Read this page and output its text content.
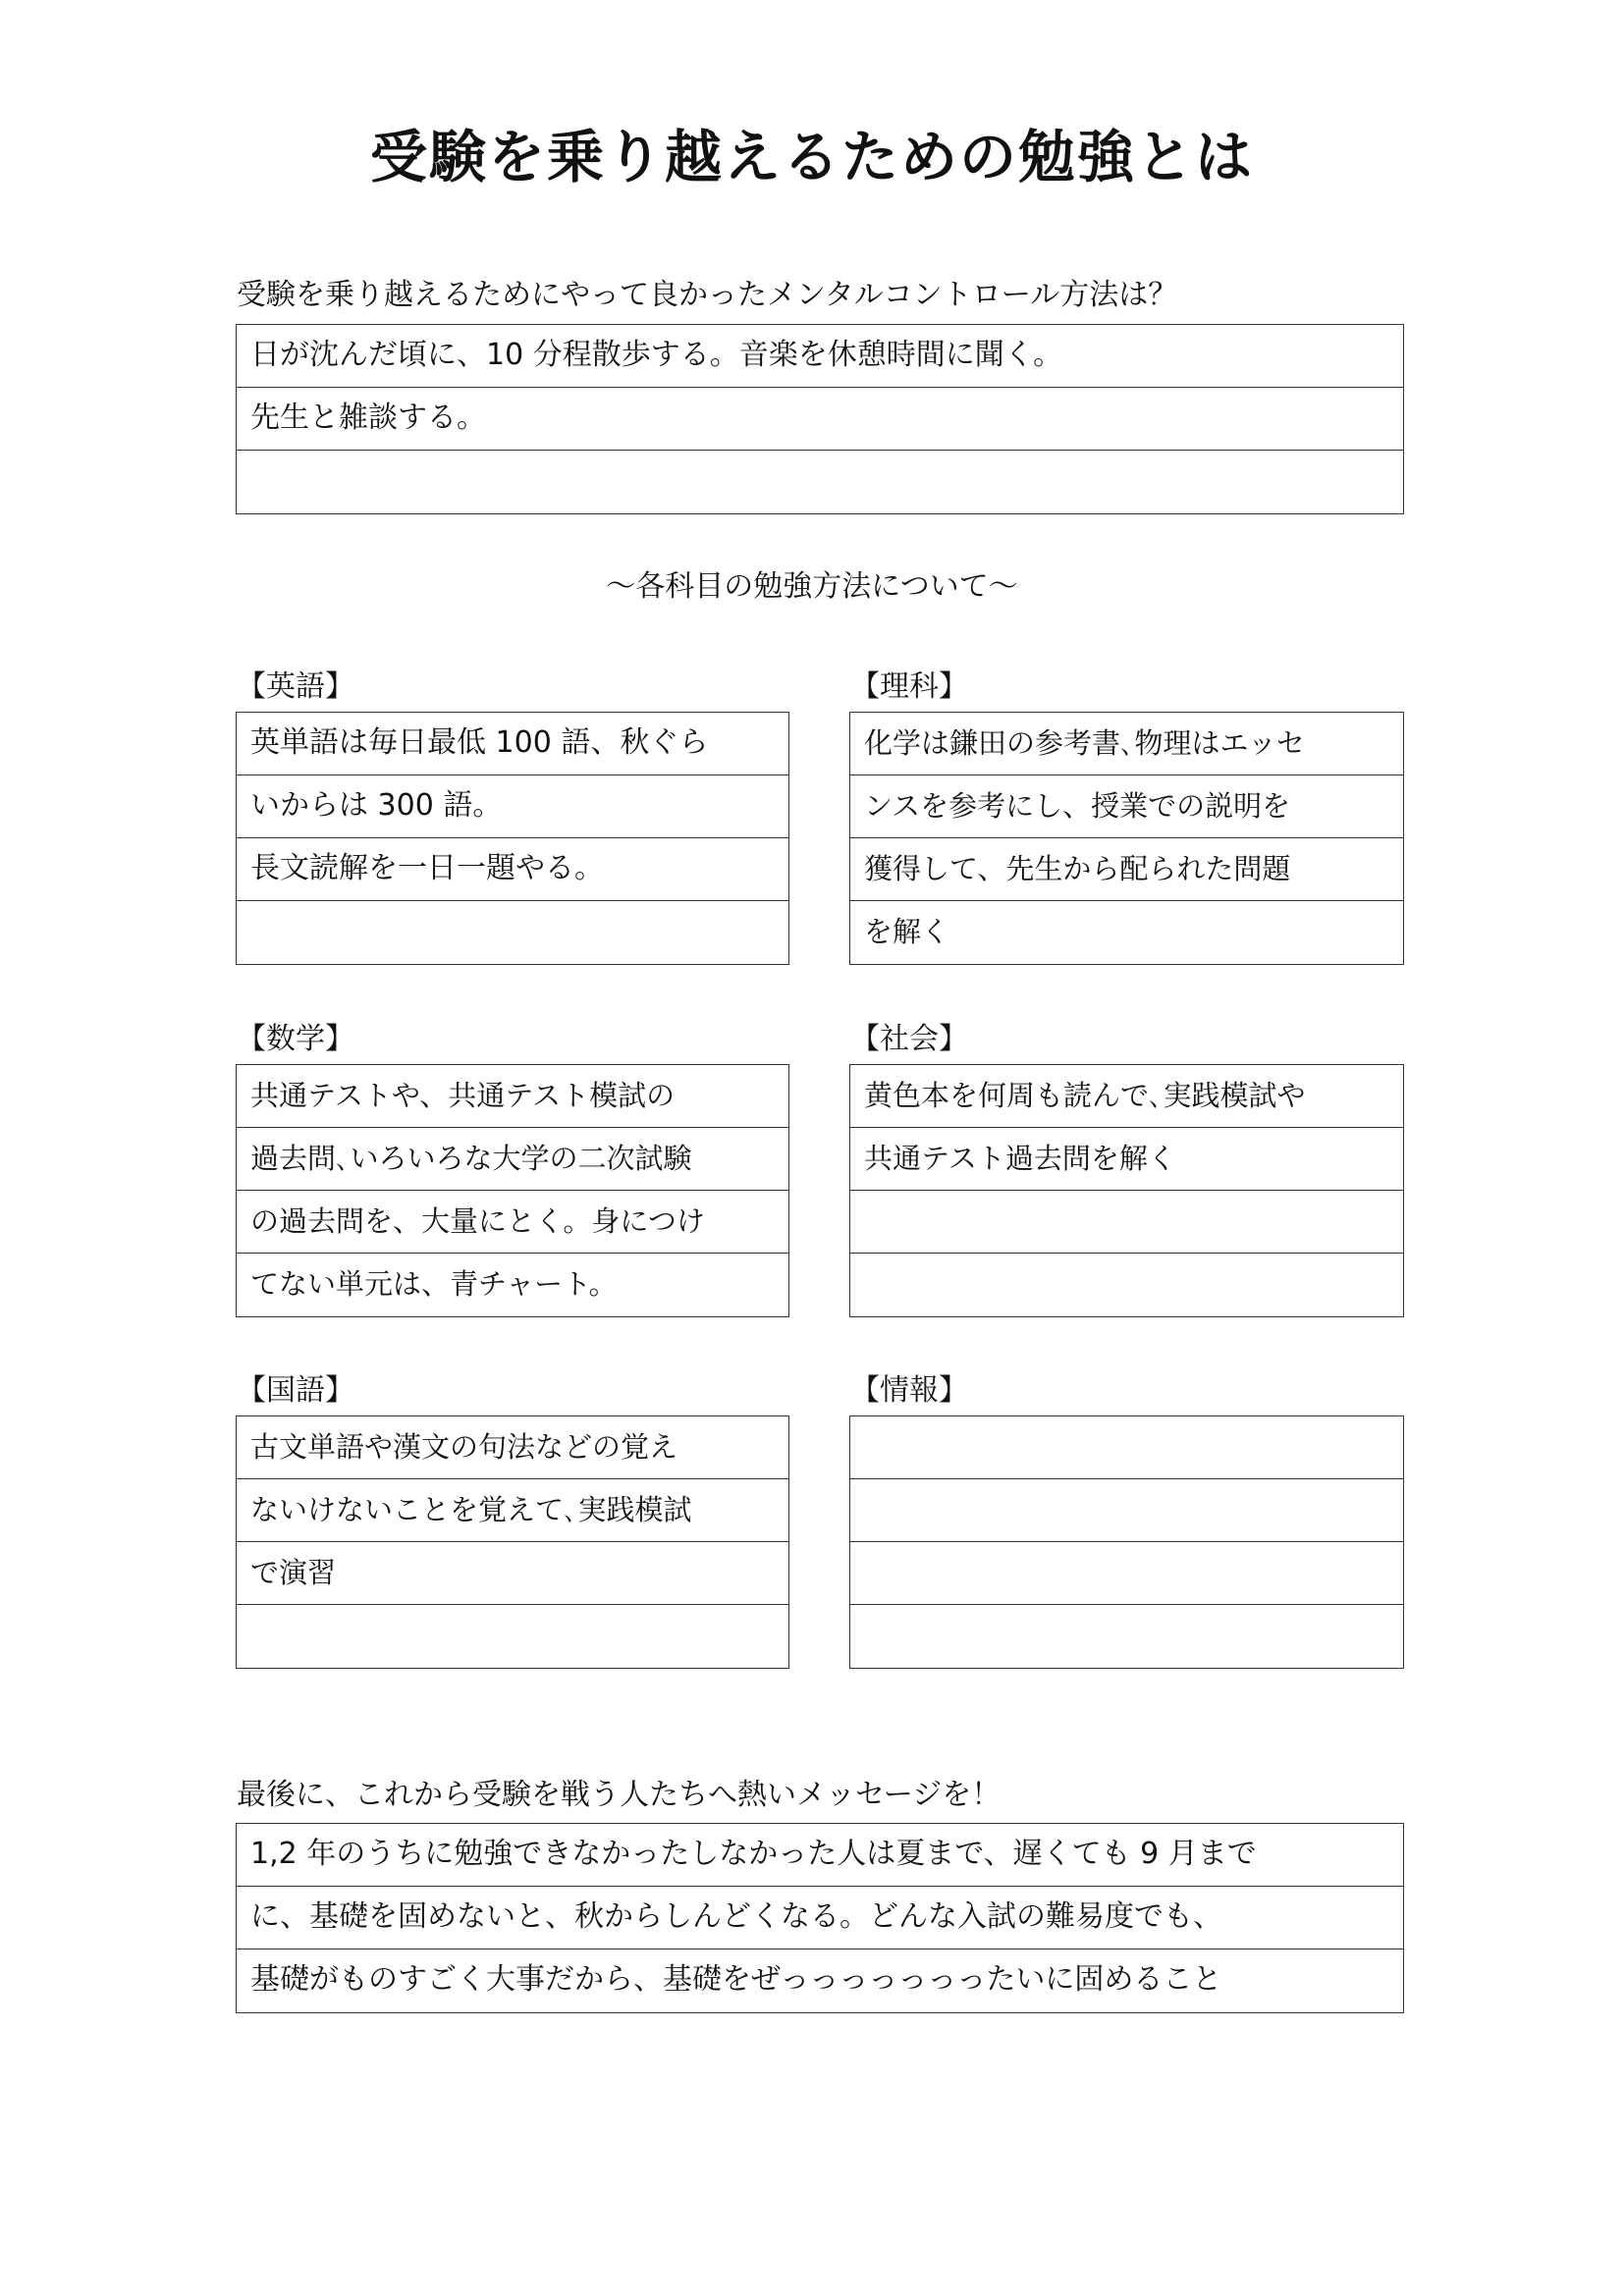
受験を乗り越えるための勉強とは
受験を乗り越えるためにやって良かったメンタルコントロール方法は？
日が沈んだ頃に、10 分程散歩する。音楽を休憩時間に聞く。
先生と雑談する。
～各科目の勉強方法について～
【英語】
英単語は毎日最低 100 語、秋ぐら
いからは 300 語。
長文読解を一日一題やる。
【理科】
化学は鎌田の参考書､物理はエッセ
ンスを参考にし、授業での説明を
獲得して、先生から配られた問題
を解く
【数学】
共通テストや、共通テスト模試の
過去問､いろいろな大学の二次試験
の過去問を、大量にとく。身につけ
てない単元は、青チャート。
【社会】
黄色本を何周も読んで､実践模試や
共通テスト過去問を解く
【国語】
古文単語や漢文の句法などの覚え
ないけないことを覚えて､実践模試
で演習
【情報】
最後に、これから受験を戦う人たちへ熱いメッセージを！
1,2 年のうちに勉強できなかったしなかった人は夏まで、遅くても 9 月まで
に、基礎を固めないと、秋からしんどくなる。どんな入試の難易度でも、
基礎がものすごく大事だから、基礎をぜっっっっっっったいに固めること
